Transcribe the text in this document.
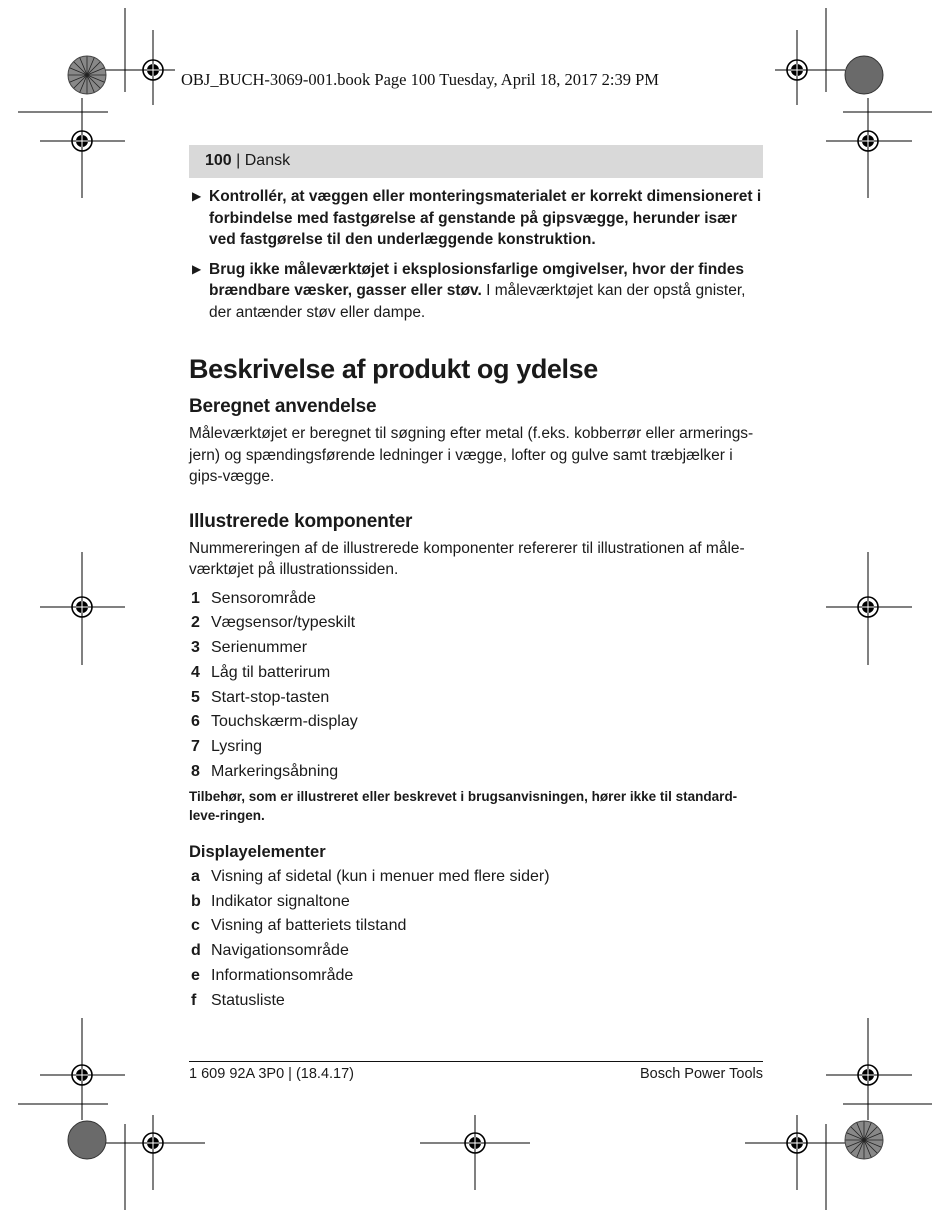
OBJ_BUCH-3069-001.book Page 100 Tuesday, April 18, 2017 2:39 PM
100 | Dansk
▶ Kontrollér, at væggen eller monteringsmaterialet er korrekt dimensioneret i forbindelse med fastgørelse af genstande på gipsvægge, herunder især ved fastgørelse til den underlæggende konstruktion.
▶ Brug ikke måleværktøjet i eksplosionsfarlige omgivelser, hvor der findes brændbare væsker, gasser eller støv. I måleværktøjet kan der opstå gnister, der antænder støv eller dampe.
Beskrivelse af produkt og ydelse
Beregnet anvendelse

Måleværktøjet er beregnet til søgning efter metal (f.eks. kobberrør eller armerings-jern) og spændingsførende ledninger i vægge, lofter og gulve samt træbjælker i gips-vægge.

Illustrerede komponenter

Nummereringen af de illustrerede komponenter refererer til illustrationen af måle-værktøjet på illustrationssiden.

1 Sensorområde
2 Vægsensor/typeskilt
3 Serienummer
4 Låg til batterirum
5 Start-stop-tasten
6 Touchskærm-display
7 Lysring
8 Markeringsåbning

Tilbehør, som er illustreret eller beskrevet i brugsanvisningen, hører ikke til standard-leve-ringen.

Displayelementer
a Visning af sidetal (kun i menuer med flere sider)
b Indikator signaltone
c Visning af batteriets tilstand
d Navigationsområde
e Informationsområde
f Statusliste
1 609 92A 3P0 | (18.4.17)	Bosch Power Tools
